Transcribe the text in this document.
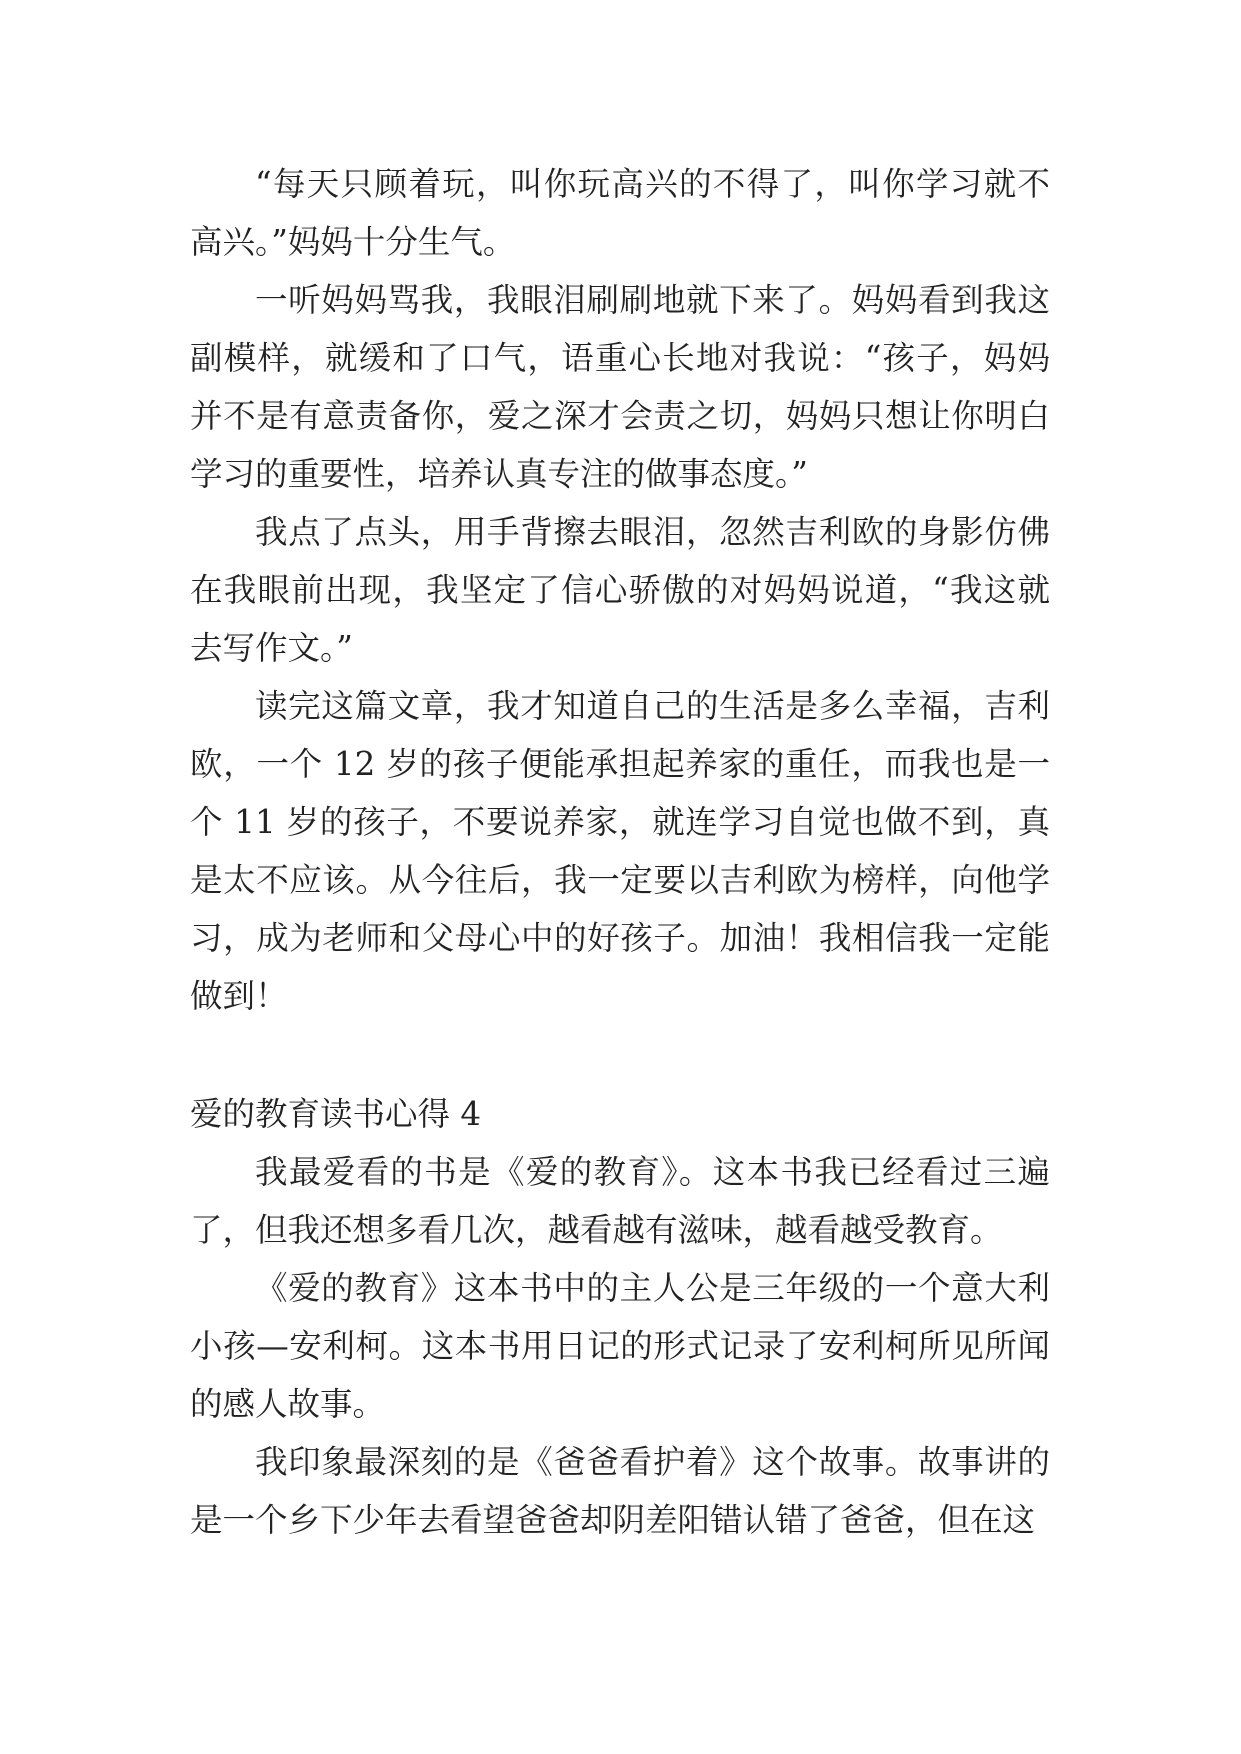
“每天只顾着玩，叫你玩高兴的不得了，叫你学习就不高兴。”妈妈十分生气。

一听妈妈骂我，我眼泪刷刷地就下来了。妈妈看到我这副模样，就缓和了口气，语重心长地对我说：“孩子，妈妈并不是有意责备你，爱之深才会责之切，妈妈只想让你明白学习的重要性，培养认真专注的做事态度。”

我点了点头，用手背擦去眼泪，忽然吉利欧的身影仿佛在我眼前出现，我坚定了信心骄傲的对妈妈说道，“我这就去写作文。”

读完这篇文章，我才知道自己的生活是多么幸福，吉利欧，一个 12 岁的孩子便能承担起养家的重任，而我也是一个 11 岁的孩子，不要说养家，就连学习自觉也做不到，真是太不应该。从今往后，我一定要以吉利欧为榜样，向他学习，成为老师和父母心中的好孩子。加油！我相信我一定能做到！

爱的教育读书心得 4

我最爱看的书是《爱的教育》。这本书我已经看过三遍了，但我还想多看几次，越看越有滋味，越看越受教育。

《爱的教育》这本书中的主人公是三年级的一个意大利小孩—安利柯。这本书用日记的形式记录了安利柯所见所闻的感人故事。

我印象最深刻的是《爸爸看护着》这个故事。故事讲的是一个乡下少年去看望爸爸却阴差阳错认错了爸爸，但在这
